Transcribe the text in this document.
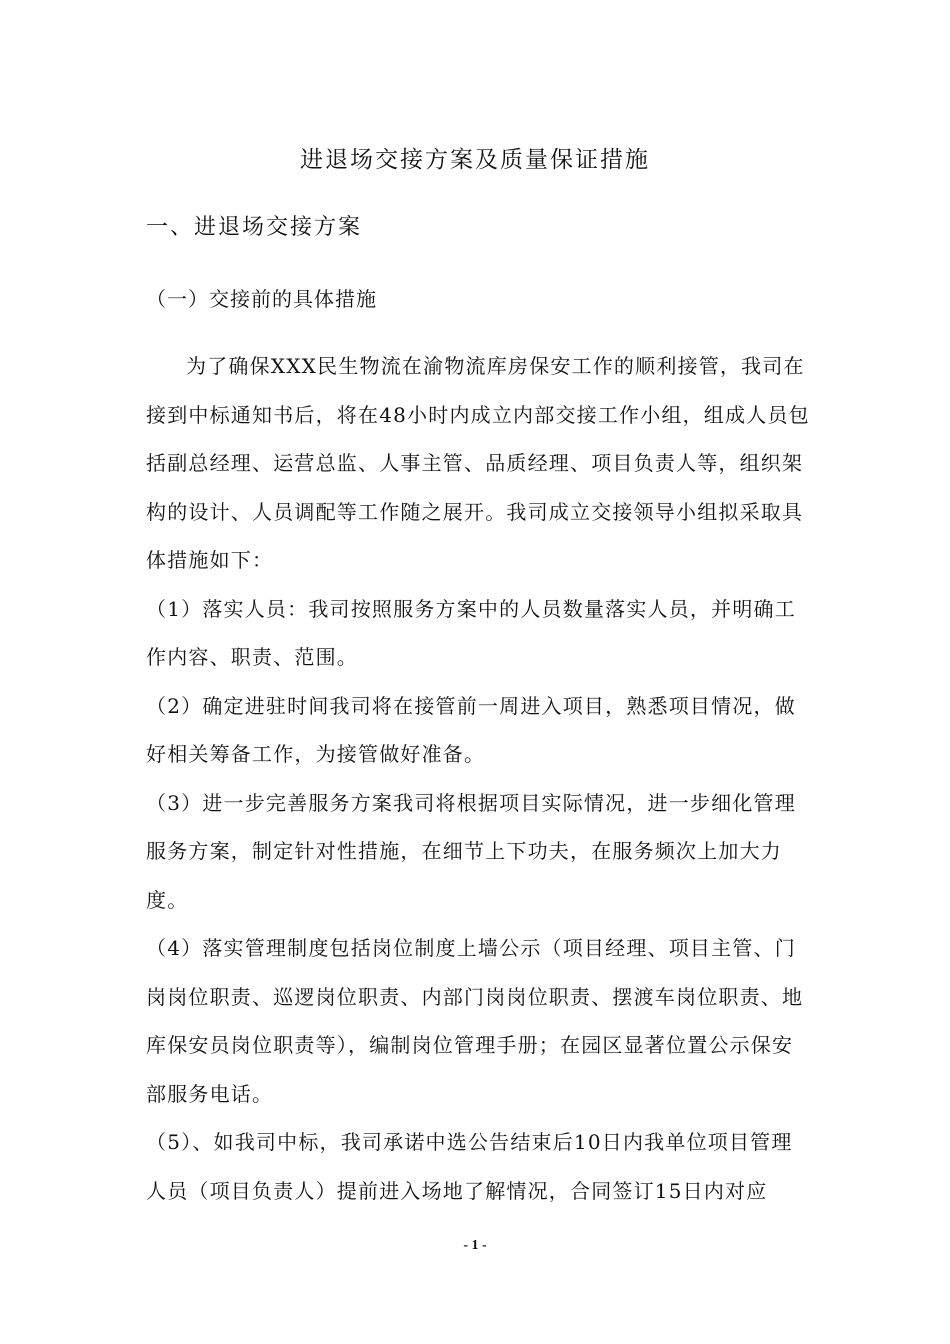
进退场交接方案及质量保证措施
一、进退场交接方案
（一）交接前的具体措施

为了确保XXX民生物流在渝物流库房保安工作的顺利接管，我司在接到中标通知书后，将在48小时内成立内部交接工作小组，组成人员包括副总经理、运营总监、人事主管、品质经理、项目负责人等，组织架构的设计、人员调配等工作随之展开。我司成立交接领导小组拟采取具体措施如下：

（1）落实人员：我司按照服务方案中的人员数量落实人员，并明确工作内容、职责、范围。

（2）确定进驻时间我司将在接管前一周进入项目，熟悉项目情况，做好相关筹备工作，为接管做好准备。

（3）进一步完善服务方案我司将根据项目实际情况，进一步细化管理服务方案，制定针对性措施，在细节上下功夫，在服务频次上加大力度。

（4）落实管理制度包括岗位制度上墙公示（项目经理、项目主管、门岗岗位职责、巡逻岗位职责、内部门岗岗位职责、摆渡车岗位职责、地库保安员岗位职责等），编制岗位管理手册；在园区显著位置公示保安部服务电话。

（5）、如我司中标，我司承诺中选公告结束后10日内我单位项目管理人员（项目负责人）提前进入场地了解情况，合同签订15日内对应

- 1 -
